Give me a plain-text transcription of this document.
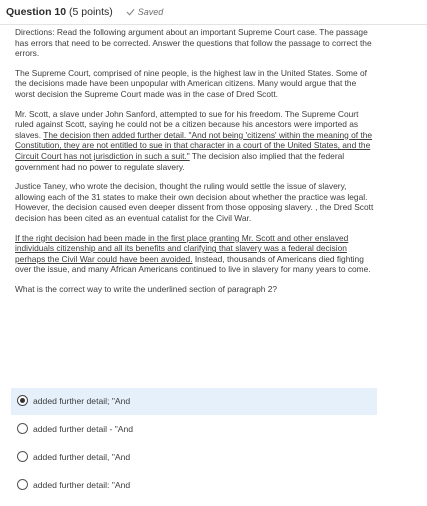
Question 10 (5 points)	Saved

Directions: Read the following argument about an important Supreme Court case. The passage has errors that need to be corrected. Answer the questions that follow the passage to correct the errors.

The Supreme Court, comprised of nine people, is the highest law in the United States. Some of the decisions made have been unpopular with American citizens. Many would argue that the worst decision the Supreme Court made was in the case of Dred Scott.

Mr. Scott, a slave under John Sanford, attempted to sue for his freedom. The Supreme Court ruled against Scott, saying he could not be a citizen because his ancestors were imported as slaves. The decision then added further detail. "And not being 'citizens' within the meaning of the Constitution, they are not entitled to sue in that character in a court of the United States, and the Circuit Court has not jurisdiction in such a suit." The decision also implied that the federal government had no power to regulate slavery.

Justice Taney, who wrote the decision, thought the ruling would settle the issue of slavery, allowing each of the 31 states to make their own decision about whether the practice was legal. However, the decision caused even deeper dissent from those opposing slavery. , the Dred Scott decision has been cited as an eventual catalist for the Civil War.

If the right decision had been made in the first place granting Mr. Scott and other enslaved individuals citizenship and all its benefits and clarifying that slavery was a federal decision perhaps the Civil War could have been avoided. Instead, thousands of Americans died fighting over the issue, and many African Americans continued to live in slavery for many years to come.

What is the correct way to write the underlined section of paragraph 2?

added further detail; "And
added further detail - "And
added further detail, "And
added further detail: "And
